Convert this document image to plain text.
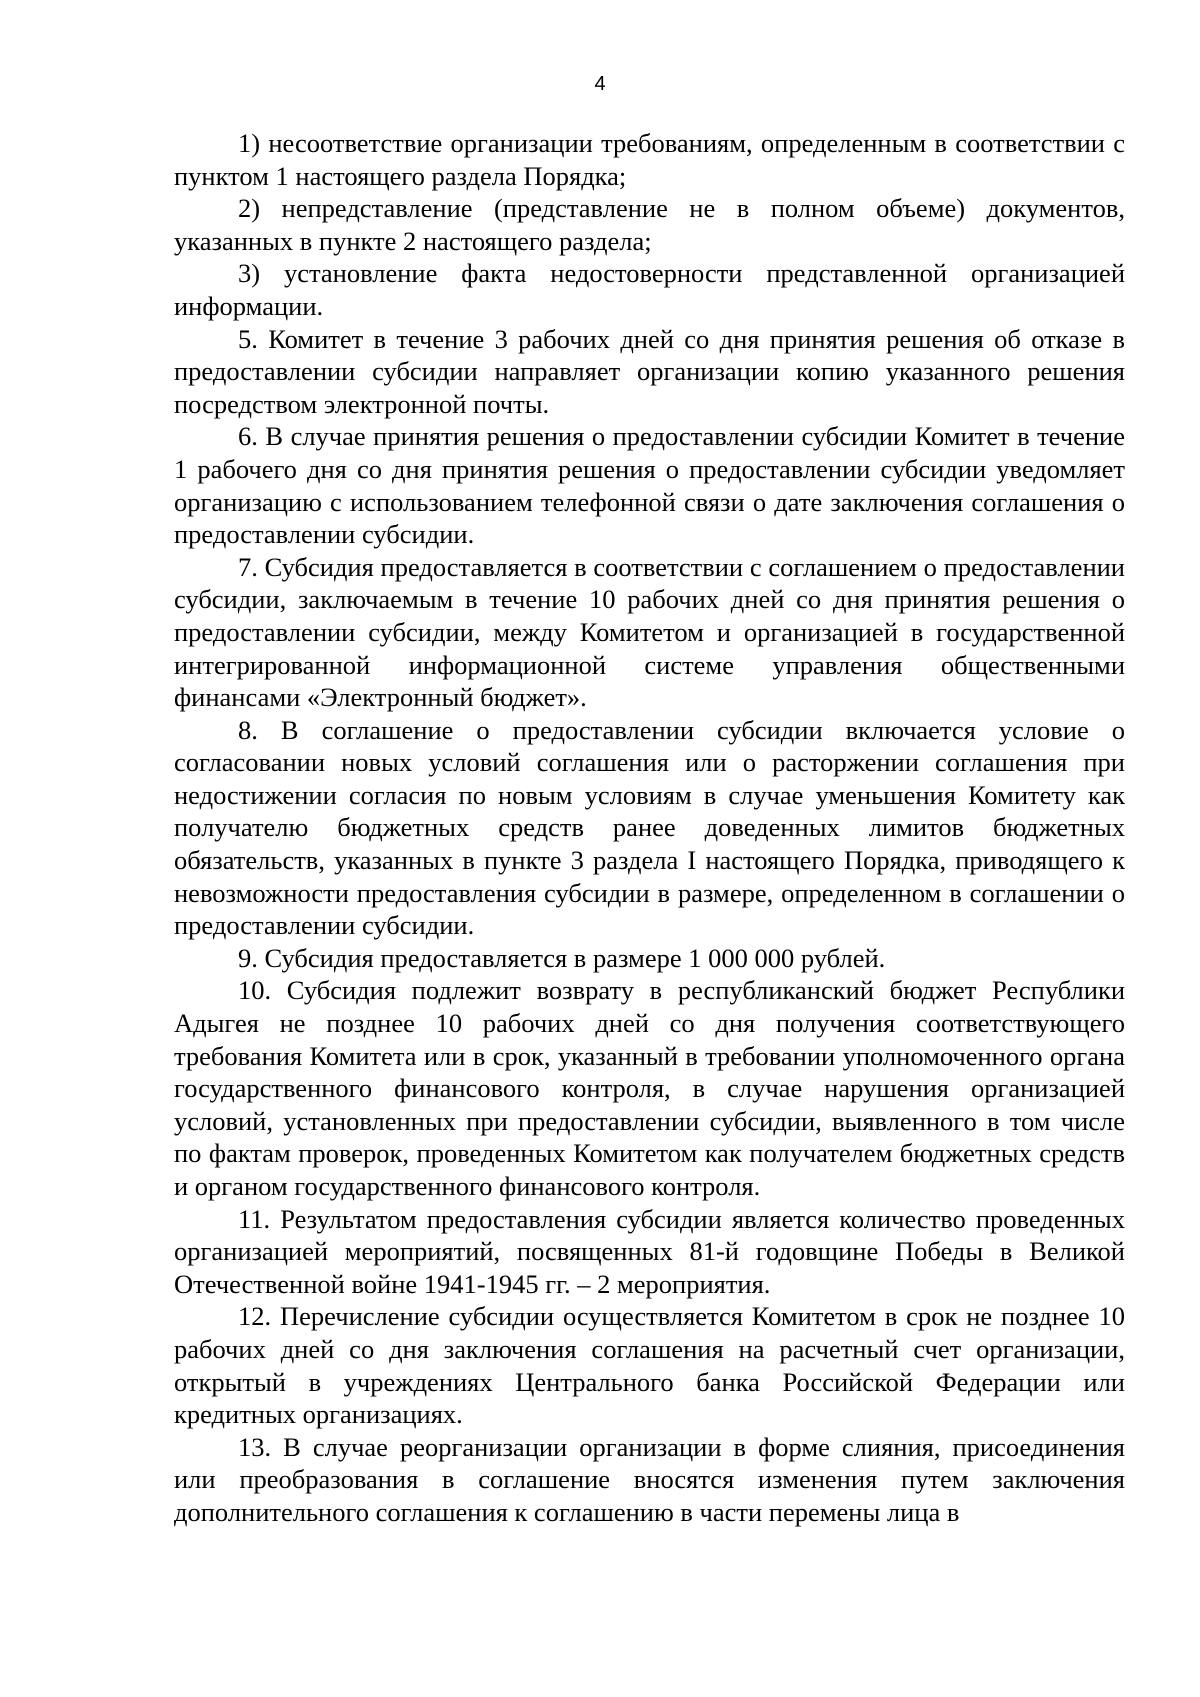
4

1) несоответствие организации требованиям, определенным в соответствии с пунктом 1 настоящего раздела Порядка;

2) непредставление (представление не в полном объеме) документов, указанных в пункте 2 настоящего раздела;

3) установление факта недостоверности представленной организацией информации.

5. Комитет в течение 3 рабочих дней со дня принятия решения об отказе в предоставлении субсидии направляет организации копию указанного решения посредством электронной почты.

6. В случае принятия решения о предоставлении субсидии Комитет в течение 1 рабочего дня со дня принятия решения о предоставлении субсидии уведомляет организацию с использованием телефонной связи о дате заключения соглашения о предоставлении субсидии.

7. Субсидия предоставляется в соответствии с соглашением о предоставлении субсидии, заключаемым в течение 10 рабочих дней со дня принятия решения о предоставлении субсидии, между Комитетом и организацией в государственной интегрированной информационной системе управления общественными финансами «Электронный бюджет».

8. В соглашение о предоставлении субсидии включается условие о согласовании новых условий соглашения или о расторжении соглашения при недостижении согласия по новым условиям в случае уменьшения Комитету как получателю бюджетных средств ранее доведенных лимитов бюджетных обязательств, указанных в пункте 3 раздела I настоящего Порядка, приводящего к невозможности предоставления субсидии в размере, определенном в соглашении о предоставлении субсидии.

9. Субсидия предоставляется в размере 1 000 000 рублей.

10. Субсидия подлежит возврату в республиканский бюджет Республики Адыгея не позднее 10 рабочих дней со дня получения соответствующего требования Комитета или в срок, указанный в требовании уполномоченного органа государственного финансового контроля, в случае нарушения организацией условий, установленных при предоставлении субсидии, выявленного в том числе по фактам проверок, проведенных Комитетом как получателем бюджетных средств и органом государственного финансового контроля.

11. Результатом предоставления субсидии является количество проведенных организацией мероприятий, посвященных 81-й годовщине Победы в Великой Отечественной войне 1941-1945 гг. – 2 мероприятия.

12. Перечисление субсидии осуществляется Комитетом в срок не позднее 10 рабочих дней со дня заключения соглашения на расчетный счет организации, открытый в учреждениях Центрального банка Российской Федерации или кредитных организациях.

13. В случае реорганизации организации в форме слияния, присоединения или преобразования в соглашение вносятся изменения путем заключения дополнительного соглашения к соглашению в части перемены лица в
